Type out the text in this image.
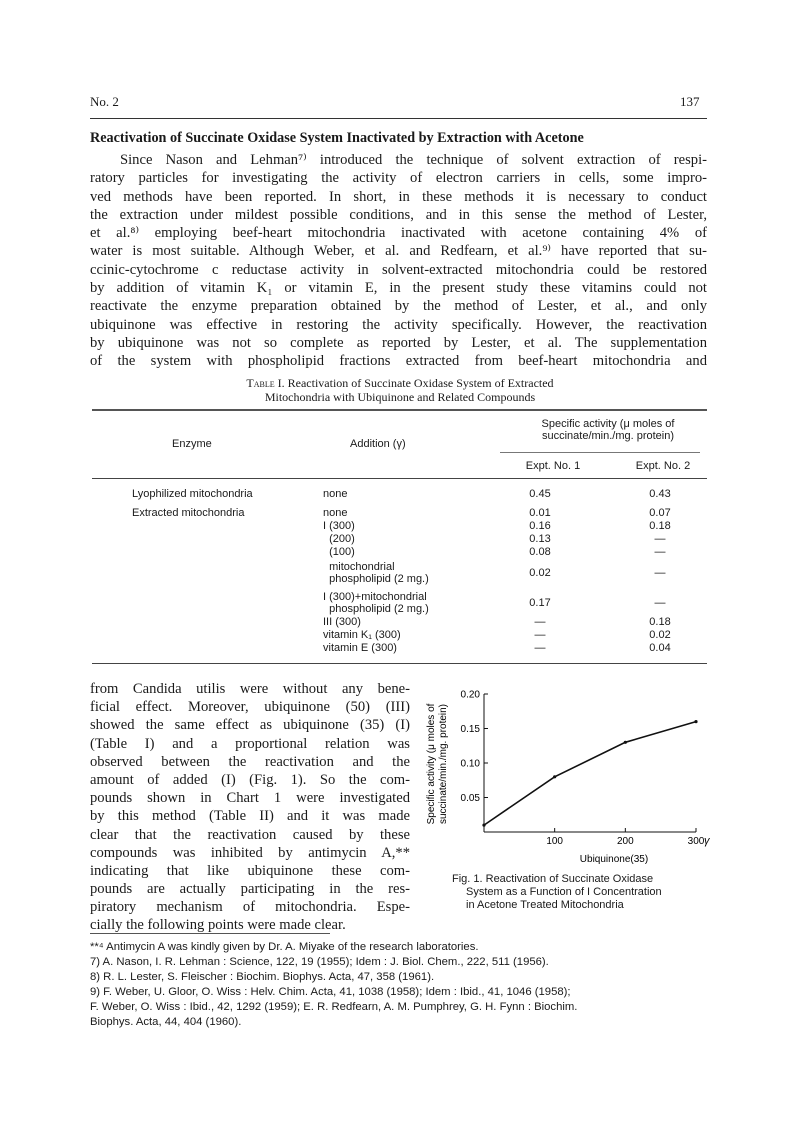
No. 2	137
Reactivation of Succinate Oxidase System Inactivated by Extraction with Acetone
Since Nason and Lehman⁷⁾ introduced the technique of solvent extraction of respi-
ratory particles for investigating the activity of electron carriers in cells, some impro-
ved methods have been reported. In short, in these methods it is necessary to conduct
the extraction under mildest possible conditions, and in this sense the method of Lester,
et al.⁸⁾ employing beef-heart mitochondria inactivated with acetone containing 4% of
water is most suitable. Although Weber, et al. and Redfearn, et al.⁹⁾ have reported that su-
ccinic-cytochrome c reductase activity in solvent-extracted mitochondria could be restored
by addition of vitamin K₁ or vitamin E, in the present study these vitamins could not
reactivate the enzyme preparation obtained by the method of Lester, et al., and only
ubiquinone was effective in restoring the activity specifically. However, the reactivation
by ubiquinone was not so complete as reported by Lester, et al. The supplementation
of the system with phospholipid fractions extracted from beef-heart mitochondria and
Table I. Reactivation of Succinate Oxidase System of Extracted
Mitochondria with Ubiquinone and Related Compounds
Enzyme	Addition (γ)
Specific activity (μ moles of
succinate/min./mg. protein)
Expt. No. 1	Expt. No. 2
Lyophilized mitochondria	none	0.45	0.43
Extracted mitochondria	none	0.01	0.07
I (300)	0.16	0.18
(200)	0.13	—
(100)	0.08	—
mitochondrial
phospholipid (2 mg.)	0.02	—
I (300)+mitochondrial
phospholipid (2 mg.)	0.17	—
III (300)	—	0.18
vitamin K₁ (300)	—	0.02
vitamin E (300)	—	0.04
from Candida utilis were without any bene-
ficial effect. Moreover, ubiquinone (50) (III)
showed the same effect as ubiquinone (35) (I)
(Table I) and a proportional relation was
observed between the reactivation and the
amount of added (I) (Fig. 1). So the com-
pounds shown in Chart 1 were investigated
by this method (Table II) and it was made
clear that the reactivation caused by these
compounds was inhibited by antimycin A,**
indicating that like ubiquinone these com-
pounds are actually participating in the res-
piratory mechanism of mitochondria. Espe-
cially the following points were made clear.
0.05
0.10
0.15
0.20
100	200	300
Specific activity (μ moles of succinate/min./mg. protein)
Ubiquinone(35)
γ
Fig. 1. Reactivation of Succinate Oxidase
System as a Function of I Concentration
in Acetone Treated Mitochondria
**⁴ Antimycin A was kindly given by Dr. A. Miyake of the research laboratories.
7) A. Nason, I. R. Lehman : Science, 122, 19 (1955); Idem : J. Biol. Chem., 222, 511 (1956).
8) R. L. Lester, S. Fleischer : Biochim. Biophys. Acta, 47, 358 (1961).
9) F. Weber, U. Gloor, O. Wiss : Helv. Chim. Acta, 41, 1038 (1958); Idem : Ibid., 41, 1046 (1958);
F. Weber, O. Wiss : Ibid., 42, 1292 (1959); E. R. Redfearn, A. M. Pumphrey, G. H. Fynn : Biochim.
Biophys. Acta, 44, 404 (1960).
